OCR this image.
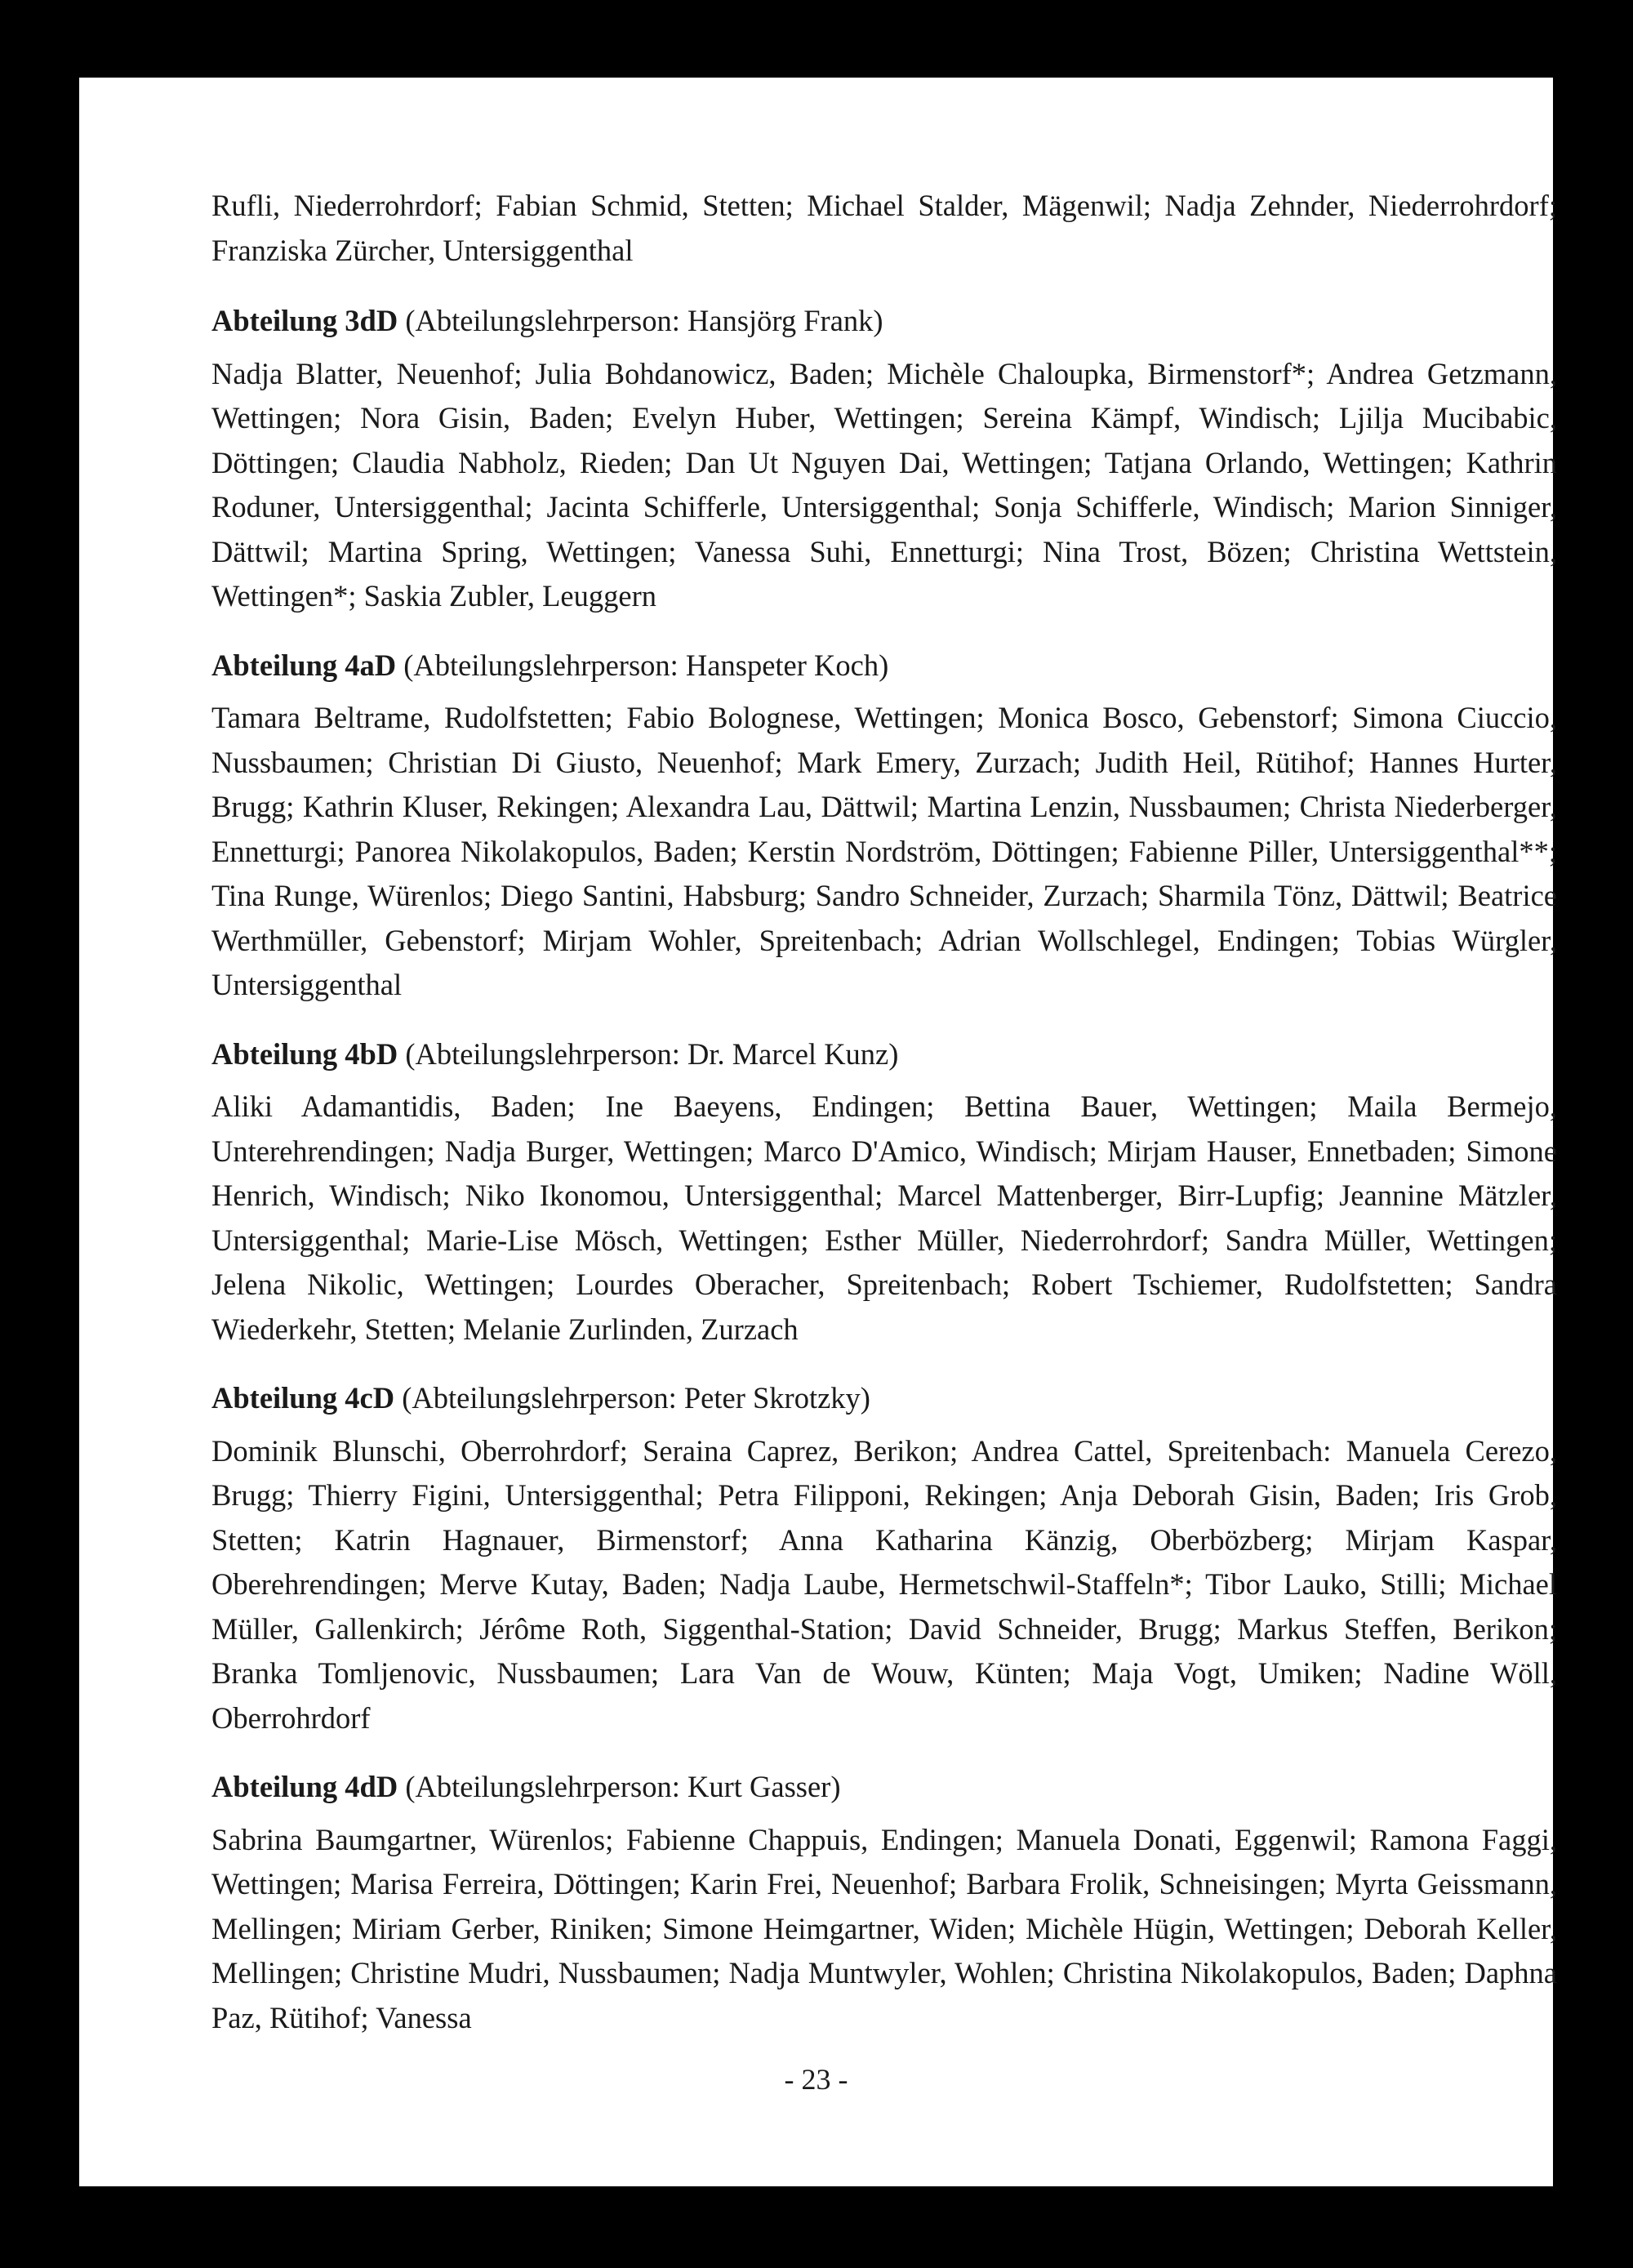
Rufli, Niederrohrdorf; Fabian Schmid, Stetten; Michael Stalder, Mägenwil; Nadja Zehnder, Niederrohrdorf; Franziska Zürcher, Untersiggenthal

Abteilung 3dD (Abteilungslehrperson: Hansjörg Frank)

Nadja Blatter, Neuenhof; Julia Bohdanowicz, Baden; Michèle Chaloupka, Birmenstorf*; Andrea Getzmann, Wettingen; Nora Gisin, Baden; Evelyn Huber, Wettingen; Sereina Kämpf, Windisch; Ljilja Mucibabic, Döttingen; Claudia Nabholz, Rieden; Dan Ut Nguyen Dai, Wettingen; Tatjana Orlando, Wettingen; Kathrin Roduner, Untersiggenthal; Jacinta Schifferle, Untersiggenthal; Sonja Schifferle, Windisch; Marion Sinniger, Dättwil; Martina Spring, Wettingen; Vanessa Suhi, Ennetturgi; Nina Trost, Bözen; Christina Wettstein, Wettingen*; Saskia Zubler, Leuggern

Abteilung 4aD (Abteilungslehrperson: Hanspeter Koch)

Tamara Beltrame, Rudolfstetten; Fabio Bolognese, Wettingen; Monica Bosco, Gebenstorf; Simona Ciuccio, Nussbaumen; Christian Di Giusto, Neuenhof; Mark Emery, Zurzach; Judith Heil, Rütihof; Hannes Hurter, Brugg; Kathrin Kluser, Rekingen; Alexandra Lau, Dättwil; Martina Lenzin, Nussbaumen; Christa Niederberger, Ennetturgi; Panorea Nikolakopulos, Baden; Kerstin Nordström, Döttingen; Fabienne Piller, Untersiggenthal**; Tina Runge, Würenlos; Diego Santini, Habsburg; Sandro Schneider, Zurzach; Sharmila Tönz, Dättwil; Beatrice Werthmüller, Gebenstorf; Mirjam Wohler, Spreitenbach; Adrian Wollschlegel, Endingen; Tobias Würgler, Untersiggenthal

Abteilung 4bD (Abteilungslehrperson: Dr. Marcel Kunz)

Aliki Adamantidis, Baden; Ine Baeyens, Endingen; Bettina Bauer, Wettingen; Maila Bermejo, Unterehrendingen; Nadja Burger, Wettingen; Marco D'Amico, Windisch; Mirjam Hauser, Ennetbaden; Simone Henrich, Windisch; Niko Ikonomou, Untersiggenthal; Marcel Mattenberger, Birr-Lupfig; Jeannine Mätzler, Untersiggenthal; Marie-Lise Mösch, Wettingen; Esther Müller, Niederrohrdorf; Sandra Müller, Wettingen; Jelena Nikolic, Wettingen; Lourdes Oberacher, Spreitenbach; Robert Tschiemer, Rudolfstetten; Sandra Wiederkehr, Stetten; Melanie Zurlinden, Zurzach

Abteilung 4cD (Abteilungslehrperson: Peter Skrotzky)

Dominik Blunschi, Oberrohrdorf; Seraina Caprez, Berikon; Andrea Cattel, Spreitenbach: Manuela Cerezo, Brugg; Thierry Figini, Untersiggenthal; Petra Filipponi, Rekingen; Anja Deborah Gisin, Baden; Iris Grob, Stetten; Katrin Hagnauer, Birmenstorf; Anna Katharina Känzig, Oberbözberg; Mirjam Kaspar, Oberehrendingen; Merve Kutay, Baden; Nadja Laube, Hermetschwil-Staffeln*; Tibor Lauko, Stilli; Michael Müller, Gallenkirch; Jérôme Roth, Siggenthal-Station; David Schneider, Brugg; Markus Steffen, Berikon; Branka Tomljenovic, Nussbaumen; Lara Van de Wouw, Künten; Maja Vogt, Umiken; Nadine Wöll, Oberrohrdorf

Abteilung 4dD (Abteilungslehrperson: Kurt Gasser)

Sabrina Baumgartner, Würenlos; Fabienne Chappuis, Endingen; Manuela Donati, Eggenwil; Ramona Faggi, Wettingen; Marisa Ferreira, Döttingen; Karin Frei, Neuenhof; Barbara Frolik, Schneisingen; Myrta Geissmann, Mellingen; Miriam Gerber, Riniken; Simone Heimgartner, Widen; Michèle Hügin, Wettingen; Deborah Keller, Mellingen; Christine Mudri, Nussbaumen; Nadja Muntwyler, Wohlen; Christina Nikolakopulos, Baden; Daphna Paz, Rütihof; Vanessa

- 23 -
